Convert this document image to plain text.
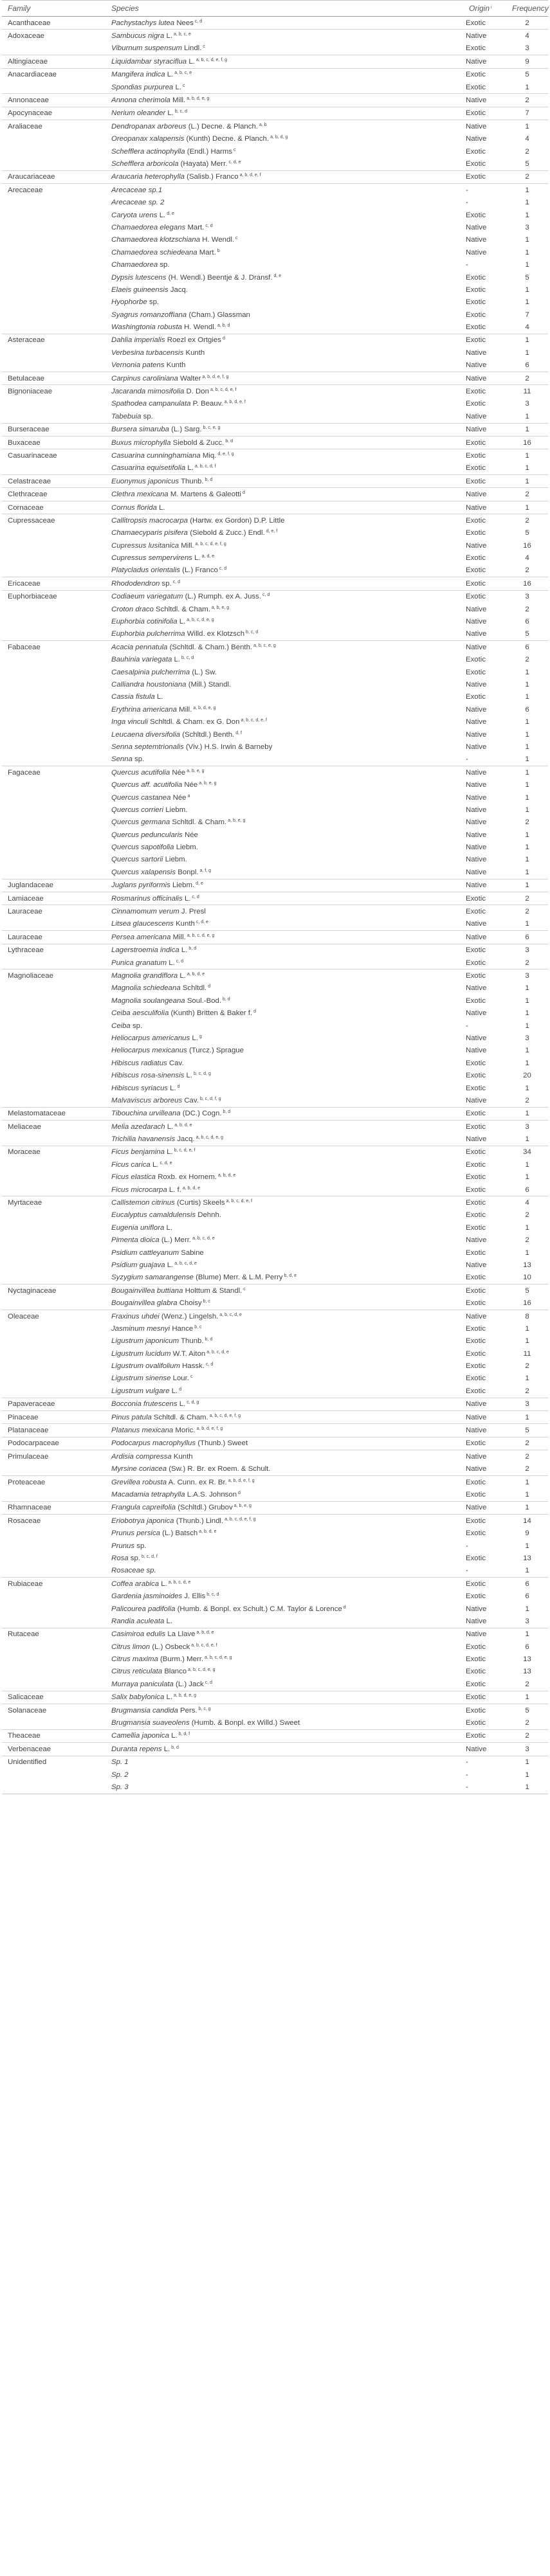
Family	Species	Origin $^i$	Frequency
Acanthaceae	Pachystachys lutea Nees $^{c, d}$	Exotic	2
Adoxaceae	Sambucus nigra L. $^{a, b, c, e}$	Native	4
	Viburnum suspensum Lindl. $^c$	Exotic	3
Altingiaceae	Liquidambar styraciflua L. $^{a, b, c, d, e, f, g}$	Native	9
Anacardiaceae	Mangifera indica L. $^{a, b, c, e}$	Exotic	5
	Spondias purpurea L. $^c$	Exotic	1
Annonaceae	Annona cherimola Mill. $^{a, b, d, e, g}$	Native	2
Apocynaceae	Nerium oleander L. $^{b, c, d}$	Exotic	7
Araliaceae	Dendropanax arboreus (L.) Decne. & Planch. $^{a, b}$	Native	1
	Oreopanax xalapensis (Kunth) Decne. & Planch. $^{a, b, d, g}$	Native	4
	Schefflera actinophylla (Endl.) Harms $^c$	Exotic	2
	Schefflera arboricola (Hayata) Merr. $^{c, d, e}$	Exotic	5
Araucariaceae	Araucaria heterophylla (Salisb.) Franco $^{a, b, d, e, f}$	Exotic	2
Arecaceae	Arecaceae sp.1	-	1
	Arecaceae sp. 2	-	1
	Caryota urens L. $^{d, e}$	Exotic	1
	Chamaedorea elegans Mart. $^{c, d}$	Native	3
	Chamaedorea klotzschiana H. Wendl. $^c$	Native	1
	Chamaedorea schiedeana Mart. $^b$	Native	1
	Chamaedorea sp.	-	1
	Dypsis lutescens (H. Wendl.) Beentje & J. Dransf. $^{d, e}$	Exotic	5
	Elaeis guineensis Jacq.	Exotic	1
	Hyophorbe sp.	Exotic	1
	Syagrus romanzoffiana (Cham.) Glassman	Exotic	7
	Washingtonia robusta H. Wendl. $^{a, b, d}$	Exotic	4
Asteraceae	Dahlia imperialis Roezl ex Ortgies $^d$	Exotic	1
	Verbesina turbacensis Kunth	Native	1
	Vernonia patens Kunth	Native	6
Betulaceae	Carpinus caroliniana Walter $^{a, b, d, e, f, g}$	Native	2
Bignoniaceae	Jacaranda mimosifolia D. Don $^{a, b, c, d, e, f}$	Exotic	11
	Spathodea campanulata P. Beauv. $^{a, b, d, e, f}$	Exotic	3
	Tabebuia sp.	Native	1
Burseraceae	Bursera simaruba (L.) Sarg. $^{b, c, e, g}$	Native	1
Buxaceae	Buxus microphylla Siebold & Zucc. $^{b, d}$	Exotic	16
Casuarinaceae	Casuarina cunninghamiana Miq. $^{d, e, f, g}$	Exotic	1
	Casuarina equisetifolia L. $^{a, b, c, d, f}$	Exotic	1
Celastraceae	Euonymus japonicus Thunb. $^{b, d}$	Exotic	1
Clethraceae	Clethra mexicana M. Martens & Galeotti $^d$	Native	2
Cornaceae	Cornus florida L.	Native	1
Cupressaceae	Callitropsis macrocarpa (Hartw. ex Gordon) D.P. Little	Exotic	2
	Chamaecyparis pisifera (Siebold & Zucc.) Endl. $^{d, e, f}$	Exotic	5
	Cupressus lusitanica Mill. $^{a, b, c, d, e, f, g}$	Native	16
	Cupressus sempervirens L. $^{a, d, e}$	Exotic	4
	Platycladus orientalis (L.) Franco $^{c, d}$	Exotic	2
Ericaceae	Rhododendron sp. $^{c, d}$	Exotic	16
Euphorbiaceae	Codiaeum variegatum (L.) Rumph. ex A. Juss. $^{c, d}$	Exotic	3
	Croton draco Schltdl. & Cham. $^{a, b, e, g}$	Native	2
	Euphorbia cotinifolia L. $^{a, b, c, d, e, g}$	Native	6
	Euphorbia pulcherrima Willd. ex Klotzsch $^{b, c, d}$	Native	5
Fabaceae	Acacia pennatula (Schltdl. & Cham.) Benth. $^{a, b, c, e, g}$	Native	6
	Bauhinia variegata L. $^{b, c, d}$	Exotic	2
	Caesalpinia pulcherrima (L.) Sw.	Exotic	1
	Calliandra houstoniana (Mill.) Standl.	Native	1
	Cassia fistula L.	Exotic	1
	Erythrina americana Mill. $^{a, b, d, e, g}$	Native	6
	Inga vinculi Schltdl. & Cham. ex G. Don $^{a, b, c, d, e, f}$	Native	1
	Leucaena diversifolia (Schltdl.) Benth. $^{d, f}$	Native	1
	Senna septemtrionalis (Viv.) H.S. Irwin & Barneby	Native	1
	Senna sp.	-	1
Fagaceae	Quercus acutifolia Née $^{a, b, e, g}$	Native	1
	Quercus aff. acutifolia Née $^{a, b, e, g}$	Native	1
	Quercus castanea Née $^a$	Native	1
	Quercus corrieri Liebm.	Native	1
	Quercus germana Schltdl. & Cham. $^{a, b, e, g}$	Native	2
	Quercus peduncularis Née	Native	1
	Quercus sapotifolia Liebm.	Native	1
	Quercus sartorii Liebm.	Native	1
	Quercus xalapensis Bonpl. $^{a, f, g}$	Native	1
Juglandaceae	Juglans pyriformis Liebm. $^{d, e}$	Native	1
Lamiaceae	Rosmarinus officinalis L. $^{c, d}$	Exotic	2
Lauraceae	Cinnamomum verum J. Presl	Exotic	2
	Litsea glaucescens Kunth $^{c, d, e}$	Native	1
Lauraceae	Persea americana Mill. $^{a, b, c, d, e, g}$	Native	6
Lythraceae	Lagerstroemia indica L. $^{b, d}$	Exotic	3
	Punica granatum L. $^{c, d}$	Exotic	2
Magnoliaceae	Magnolia grandiflora L. $^{a, b, d, e}$	Exotic	3
	Magnolia schiedeana Schltdl. $^d$	Native	1
	Magnolia soulangeana Soul.-Bod. $^{b, d}$	Exotic	1
	Ceiba aesculifolia (Kunth) Britten & Baker f. $^d$	Native	1
	Ceiba sp.	-	1
	Heliocarpus americanus L. $^g$	Native	3
	Heliocarpus mexicanus (Turcz.) Sprague	Native	1
	Hibiscus radiatus Cav.	Exotic	1
	Hibiscus rosa-sinensis L. $^{b, c, d, g}$	Exotic	20
	Hibiscus syriacus L. $^d$	Exotic	1
	Malvaviscus arboreus Cav. $^{b, c, d, f, g}$	Native	2
Melastomataceae	Tibouchina urvilleana (DC.) Cogn. $^{b, d}$	Exotic	1
Meliaceae	Melia azedarach L. $^{a, b, d, e}$	Exotic	3
	Trichilia havanensis Jacq. $^{a, b, c, d, e, g}$	Native	1
Moraceae	Ficus benjamina L. $^{b, c, d, e, f}$	Exotic	34
	Ficus carica L. $^{c, d, e}$	Exotic	1
	Ficus elastica Roxb. ex Hornem. $^{a, b, d, e}$	Exotic	1
	Ficus microcarpa L. f. $^{a, b, d, e}$	Exotic	6
Myrtaceae	Callistemon citrinus (Curtis) Skeels $^{a, b, c, d, e, f}$	Exotic	4
	Eucalyptus camaldulensis Dehnh.	Exotic	2
	Eugenia uniflora L.	Exotic	1
	Pimenta dioica (L.) Merr. $^{a, b, c, d, e}$	Native	2
	Psidium cattleyanum Sabine	Exotic	1
	Psidium guajava L. $^{a, b, c, d, e}$	Native	13
	Syzygium samarangense (Blume) Merr. & L.M. Perry $^{b, d, e}$	Exotic	10
Nyctaginaceae	Bougainvillea buttiana Holttum & Standl. $^c$	Exotic	5
	Bougainvillea glabra Choisy $^{b, c}$	Exotic	16
Oleaceae	Fraxinus uhdei (Wenz.) Lingelsh. $^{a, b, c, d, e}$	Native	8
	Jasminum mesnyi Hance $^{b, c}$	Exotic	1
	Ligustrum japonicum Thunb. $^{b, d}$	Exotic	1
	Ligustrum lucidum W.T. Aiton $^{a, b, c, d, e}$	Exotic	11
	Ligustrum ovalifolium Hassk. $^{c, d}$	Exotic	2
	Ligustrum sinense Lour. $^c$	Exotic	1
	Ligustrum vulgare L. $^d$	Exotic	2
Papaveraceae	Bocconia frutescens L. $^{c, d, g}$	Native	3
Pinaceae	Pinus patula Schltdl. & Cham. $^{a, b, c, d, e, f, g}$	Native	1
Platanaceae	Platanus mexicana Moric. $^{a, b, d, e, f, g}$	Native	5
Podocarpaceae	Podocarpus macrophyllus (Thunb.) Sweet	Exotic	2
Primulaceae	Ardisia compressa Kunth	Native	2
	Myrsine coriacea (Sw.) R. Br. ex Roem. & Schult.	Native	2
Proteaceae	Grevillea robusta A. Cunn. ex R. Br. $^{a, b, d, e, f, g}$	Exotic	1
	Macadamia tetraphylla L.A.S. Johnson $^d$	Exotic	1
Rhamnaceae	Frangula capreifolia (Schltdl.) Grubov $^{a, b, e, g}$	Native	1
Rosaceae	Eriobotrya japonica (Thunb.) Lindl. $^{a, b, c, d, e, f, g}$	Exotic	14
	Prunus persica (L.) Batsch $^{a, b, d, e}$	Exotic	9
	Prunus sp.	-	1
	Rosa sp. $^{b, c, d, f}$	Exotic	13
	Rosaceae sp.	-	1
Rubiaceae	Coffea arabica L. $^{a, b, c, d, e}$	Exotic	6
	Gardenia jasminoides J. Ellis $^{b, c, d}$	Exotic	6
	Palicourea padifolia (Humb. & Bonpl. ex Schult.) C.M. Taylor & Lorence $^d$	Native	1
	Randia aculeata L.	Native	3
Rutaceae	Casimiroa edulis La Llave $^{a, b, d, e}$	Native	1
	Citrus limon (L.) Osbeck $^{a, b, c, d, e, f}$	Exotic	6
	Citrus maxima (Burm.) Merr. $^{a, b, c, d, e, g}$	Exotic	13
	Citrus reticulata Blanco $^{a, b, c, d, e, g}$	Exotic	13
	Murraya paniculata (L.) Jack $^{c, d}$	Exotic	2
Salicaceae	Salix babylonica L. $^{a, b, d, e, g}$	Exotic	1
Solanaceae	Brugmansia candida Pers. $^{b, c, g}$	Exotic	5
	Brugmansia suaveolens (Humb. & Bonpl. ex Willd.) Sweet	Exotic	2
Theaceae	Camellia japonica L. $^{b, d, f}$	Exotic	2
Verbenaceae	Duranta repens L. $^{b, d}$	Native	3
Unidentified	Sp. 1	-	1
	Sp. 2	-	1
	Sp. 3	-	1
